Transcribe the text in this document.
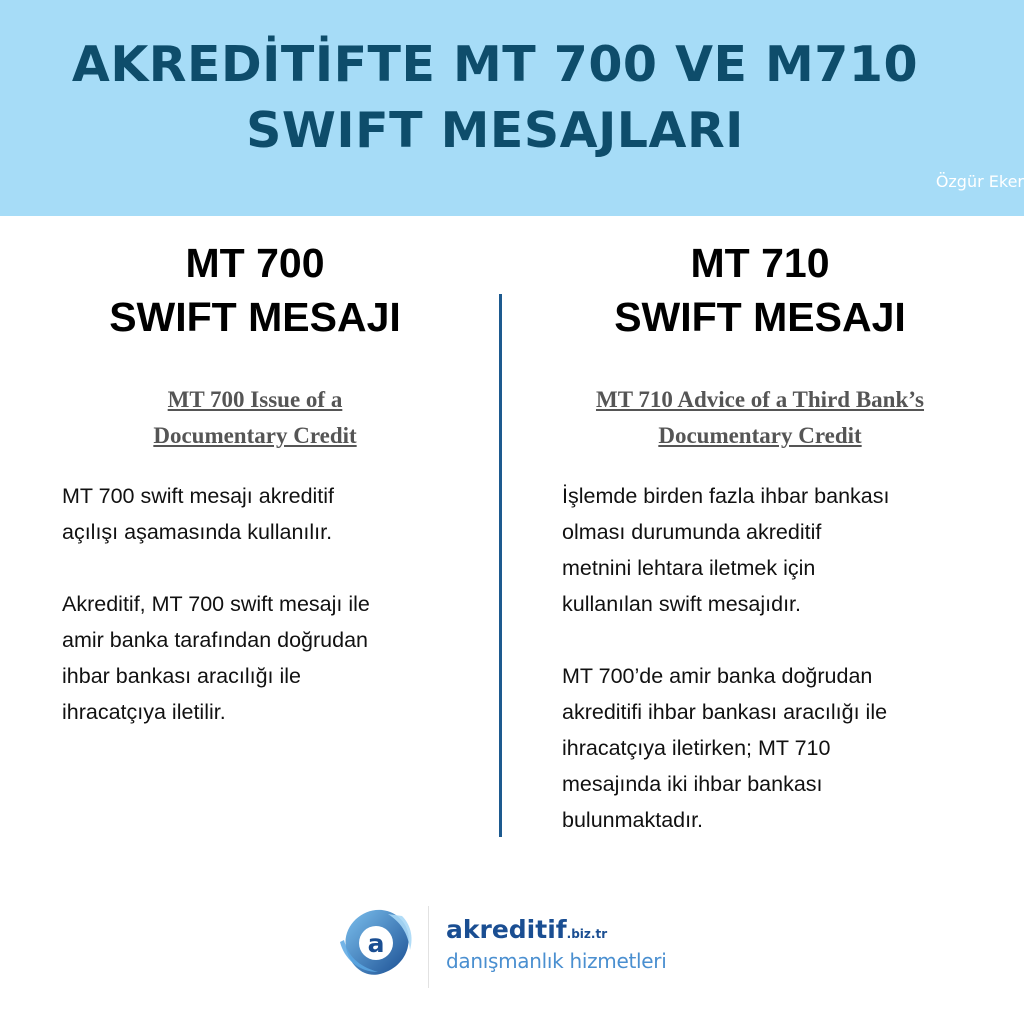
AKREDİTİFTE MT 700 VE M710
SWIFT MESAJLARI
Özgür Eker
MT 700
SWIFT MESAJI
MT 700 Issue of a
Documentary Credit

MT 700 swift mesajı akreditif
açılışı aşamasında kullanılır.

Akreditif, MT 700 swift mesajı ile
amir banka tarafından doğrudan
ihbar bankası aracılığı ile
ihracatçıya iletilir.

MT 710
SWIFT MESAJI
MT 710 Advice of a Third Bank’s
Documentary Credit

İşlemde birden fazla ihbar bankası
olması durumunda akreditif
metnini lehtara iletmek için
kullanılan swift mesajıdır.

MT 700’de amir banka doğrudan
akreditifi ihbar bankası aracılığı ile
ihracatçıya iletirken; MT 710
mesajında iki ihbar bankası
bulunmaktadır.

a akreditif.biz.tr
danışmanlık hizmetleri
